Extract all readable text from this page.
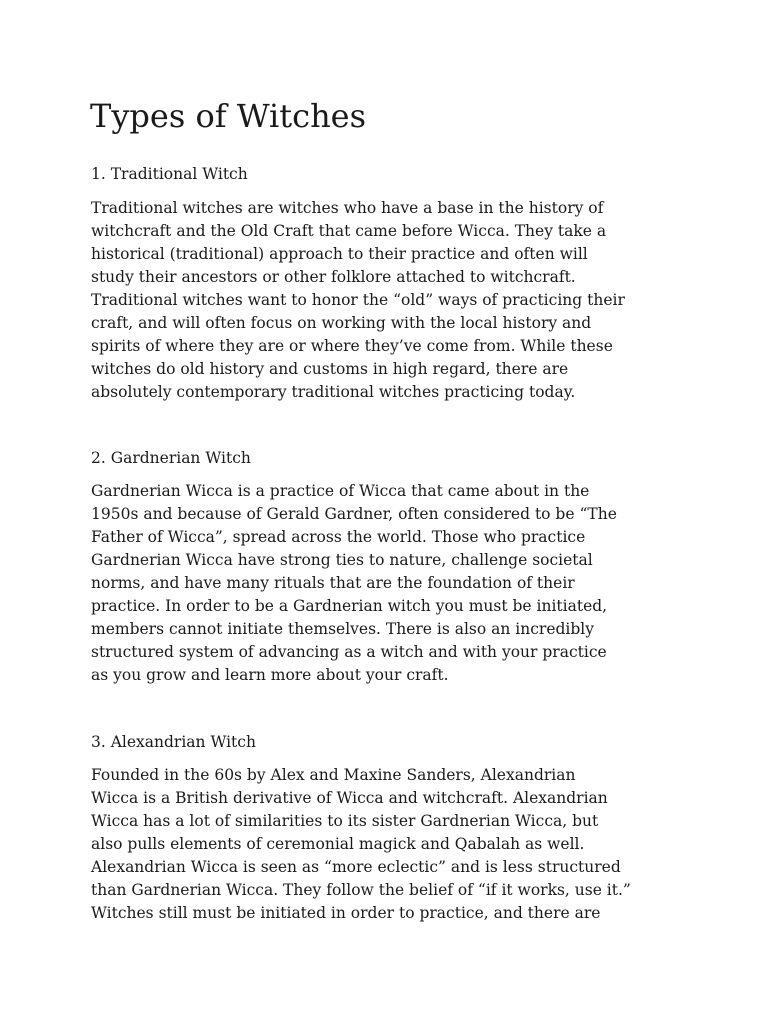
Types of Witches
1. Traditional Witch
Traditional witches are witches who have a base in the history of
witchcraft and the Old Craft that came before Wicca. They take a
historical (traditional) approach to their practice and often will
study their ancestors or other folklore attached to witchcraft.
Traditional witches want to honor the “old” ways of practicing their
craft, and will often focus on working with the local history and
spirits of where they are or where they’ve come from. While these
witches do old history and customs in high regard, there are
absolutely contemporary traditional witches practicing today.
2. Gardnerian Witch
Gardnerian Wicca is a practice of Wicca that came about in the
1950s and because of Gerald Gardner, often considered to be “The
Father of Wicca”, spread across the world. Those who practice
Gardnerian Wicca have strong ties to nature, challenge societal
norms, and have many rituals that are the foundation of their
practice. In order to be a Gardnerian witch you must be initiated,
members cannot initiate themselves. There is also an incredibly
structured system of advancing as a witch and with your practice
as you grow and learn more about your craft.
3. Alexandrian Witch
Founded in the 60s by Alex and Maxine Sanders, Alexandrian
Wicca is a British derivative of Wicca and witchcraft. Alexandrian
Wicca has a lot of similarities to its sister Gardnerian Wicca, but
also pulls elements of ceremonial magick and Qabalah as well.
Alexandrian Wicca is seen as “more eclectic” and is less structured
than Gardnerian Wicca. They follow the belief of “if it works, use it.”
Witches still must be initiated in order to practice, and there are
